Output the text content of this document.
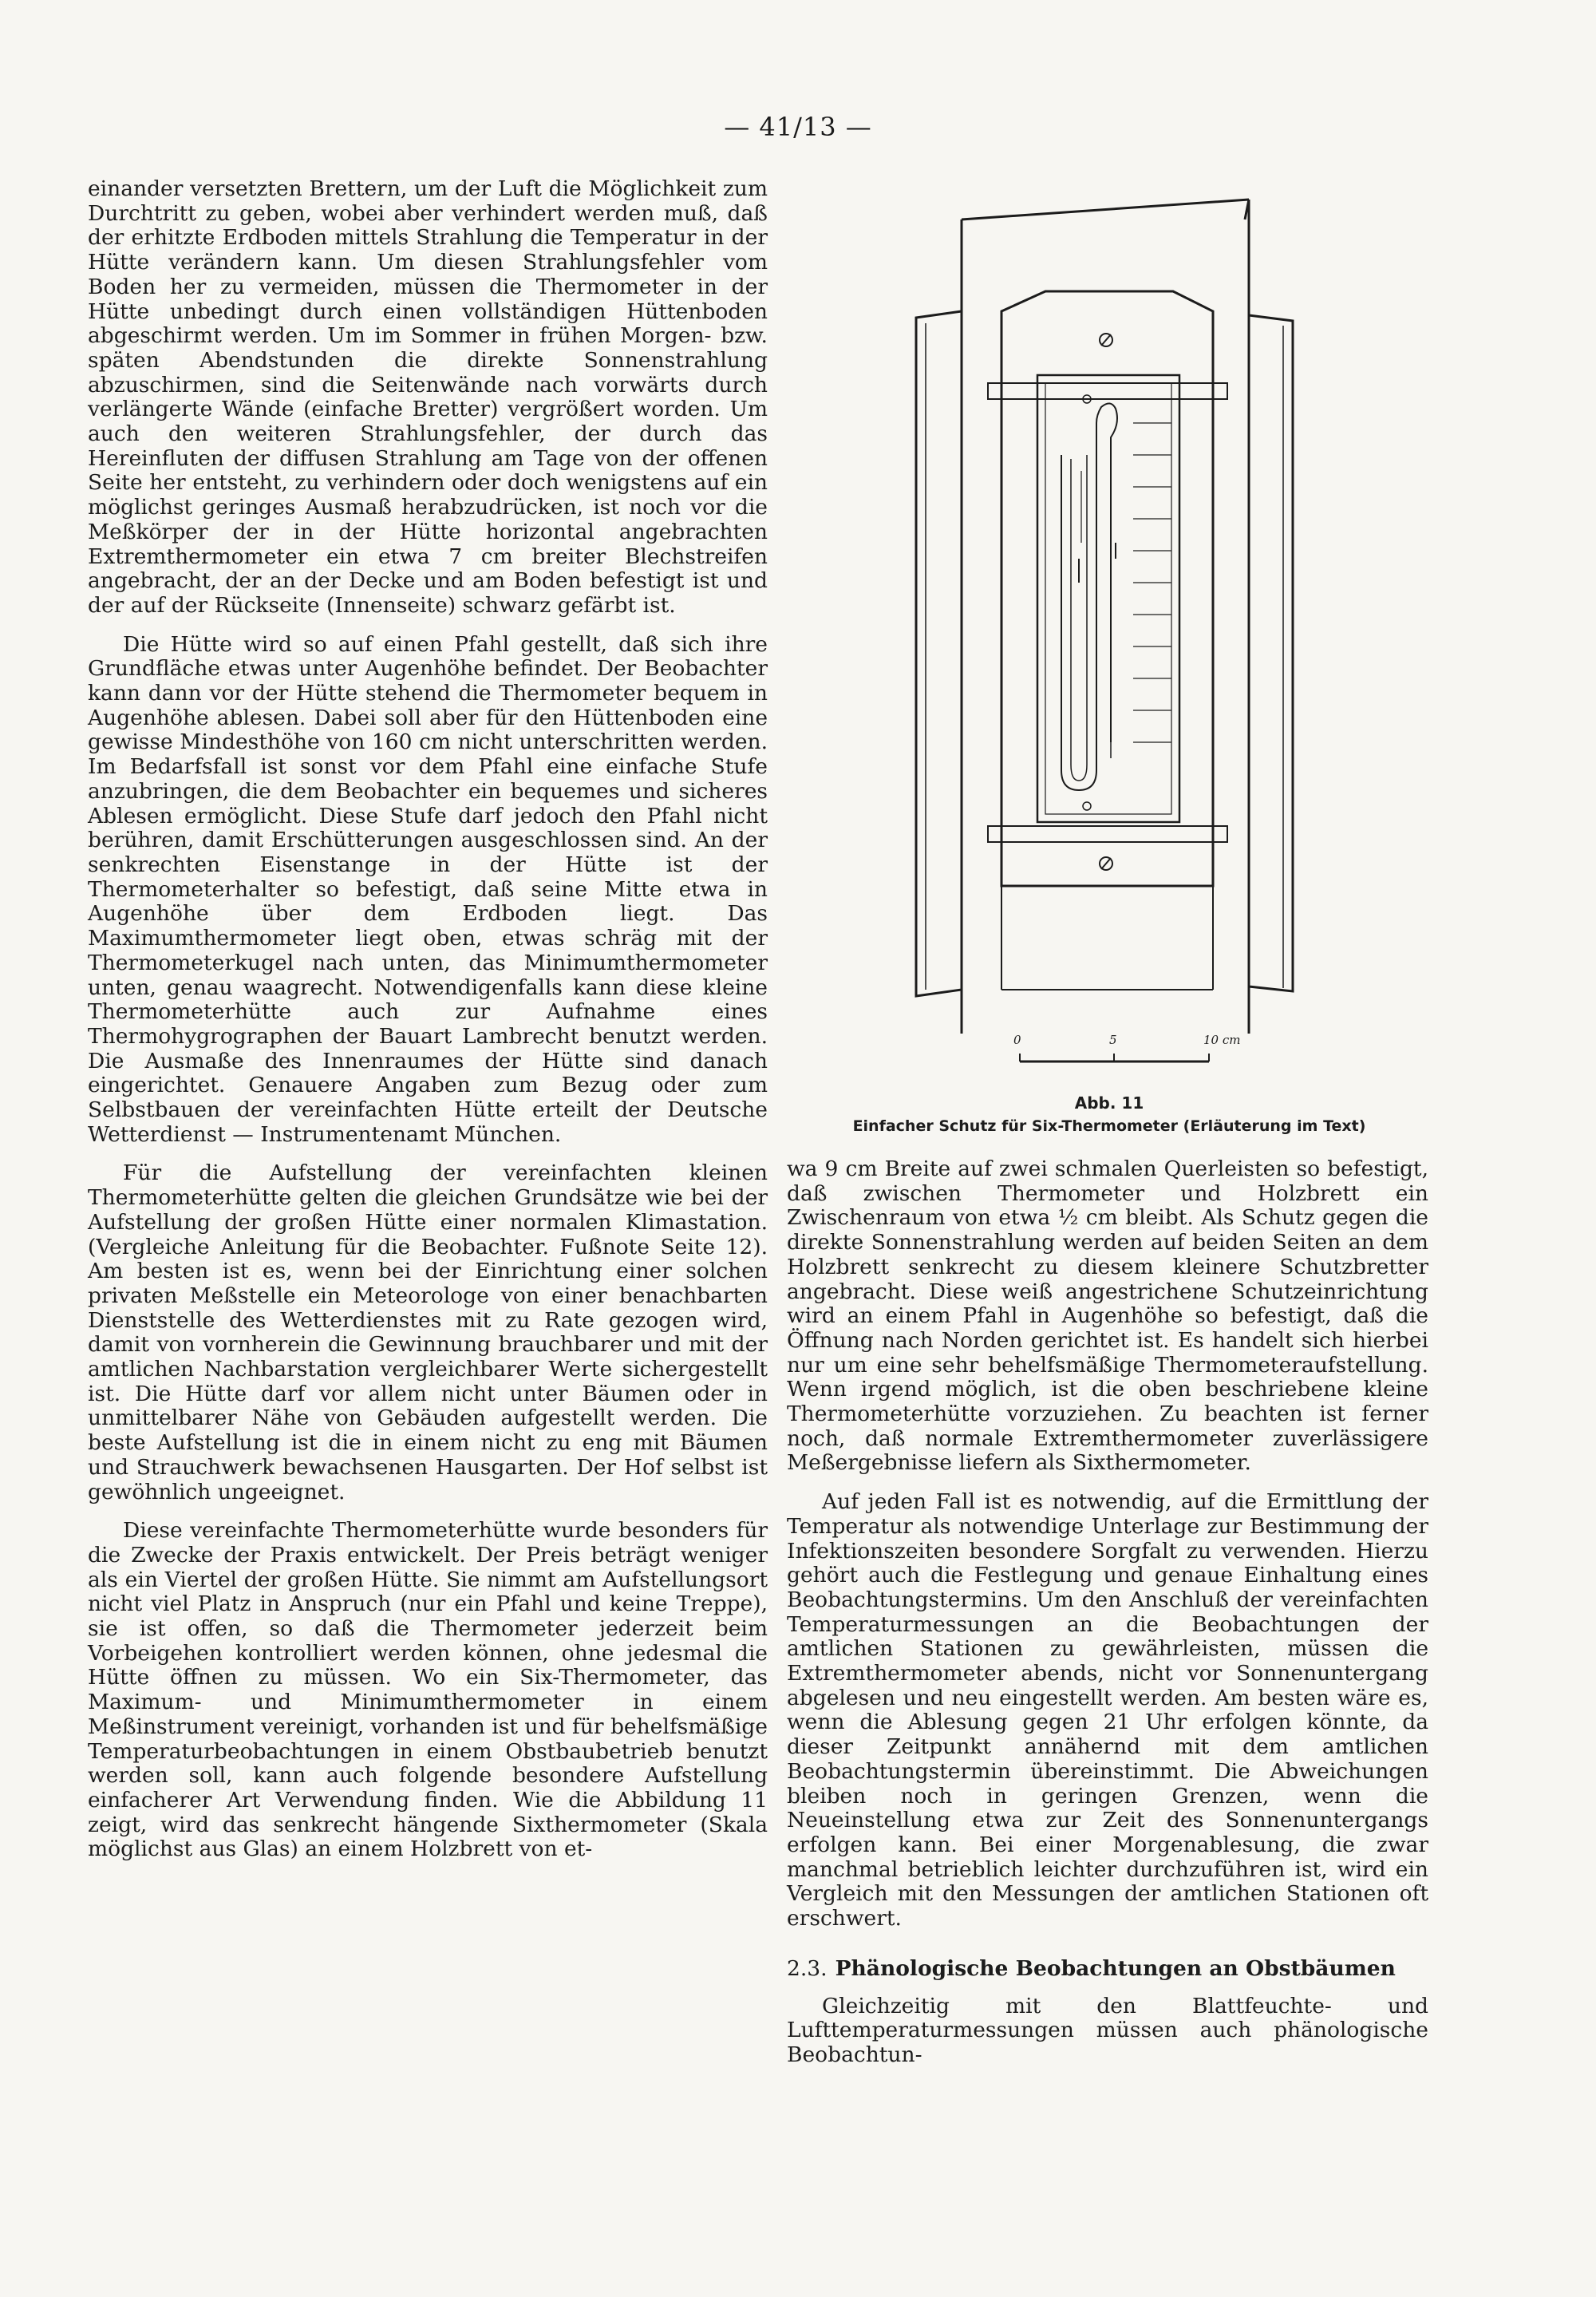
— 41/13 —

einander versetzten Brettern, um der Luft die Möglichkeit zum Durchtritt zu geben, wobei aber verhindert werden muß, daß der erhitzte Erdboden mittels Strahlung die Temperatur in der Hütte verändern kann. Um diesen Strahlungsfehler vom Boden her zu vermeiden, müssen die Thermometer in der Hütte unbedingt durch einen vollständigen Hüttenboden abgeschirmt werden. Um im Sommer in frühen Morgen- bzw. späten Abendstunden die direkte Sonnenstrahlung abzuschirmen, sind die Seitenwände nach vorwärts durch verlängerte Wände (einfache Bretter) vergrößert worden. Um auch den weiteren Strahlungsfehler, der durch das Hereinfluten der diffusen Strahlung am Tage von der offenen Seite her entsteht, zu verhindern oder doch wenigstens auf ein möglichst geringes Ausmaß herabzudrücken, ist noch vor die Meßkörper der in der Hütte horizontal angebrachten Extremthermometer ein etwa 7 cm breiter Blechstreifen angebracht, der an der Decke und am Boden befestigt ist und der auf der Rückseite (Innenseite) schwarz gefärbt ist.

Die Hütte wird so auf einen Pfahl gestellt, daß sich ihre Grundfläche etwas unter Augenhöhe befindet. Der Beobachter kann dann vor der Hütte stehend die Thermometer bequem in Augenhöhe ablesen. Dabei soll aber für den Hüttenboden eine gewisse Mindesthöhe von 160 cm nicht unterschritten werden. Im Bedarfsfall ist sonst vor dem Pfahl eine einfache Stufe anzubringen, die dem Beobachter ein bequemes und sicheres Ablesen ermöglicht. Diese Stufe darf jedoch den Pfahl nicht berühren, damit Erschütterungen ausgeschlossen sind. An der senkrechten Eisenstange in der Hütte ist der Thermometerhalter so befestigt, daß seine Mitte etwa in Augenhöhe über dem Erdboden liegt. Das Maximumthermometer liegt oben, etwas schräg mit der Thermometerkugel nach unten, das Minimumthermometer unten, genau waagrecht. Notwendigenfalls kann diese kleine Thermometerhütte auch zur Aufnahme eines Thermohygrographen der Bauart Lambrecht benutzt werden. Die Ausmaße des Innenraumes der Hütte sind danach eingerichtet. Genauere Angaben zum Bezug oder zum Selbstbauen der vereinfachten Hütte erteilt der Deutsche Wetterdienst — Instrumentenamt München.

Für die Aufstellung der vereinfachten kleinen Thermometerhütte gelten die gleichen Grundsätze wie bei der Aufstellung der großen Hütte einer normalen Klimastation. (Vergleiche Anleitung für die Beobachter. Fußnote Seite 12). Am besten ist es, wenn bei der Einrichtung einer solchen privaten Meßstelle ein Meteorologe von einer benachbarten Dienststelle des Wetterdienstes mit zu Rate gezogen wird, damit von vornherein die Gewinnung brauchbarer und mit der amtlichen Nachbarstation vergleichbarer Werte sichergestellt ist. Die Hütte darf vor allem nicht unter Bäumen oder in unmittelbarer Nähe von Gebäuden aufgestellt werden. Die beste Aufstellung ist die in einem nicht zu eng mit Bäumen und Strauchwerk bewachsenen Hausgarten. Der Hof selbst ist gewöhnlich ungeeignet.

Diese vereinfachte Thermometerhütte wurde besonders für die Zwecke der Praxis entwickelt. Der Preis beträgt weniger als ein Viertel der großen Hütte. Sie nimmt am Aufstellungsort nicht viel Platz in Anspruch (nur ein Pfahl und keine Treppe), sie ist offen, so daß die Thermometer jederzeit beim Vorbeigehen kontrolliert werden können, ohne jedesmal die Hütte öffnen zu müssen. Wo ein Six-Thermometer, das Maximum- und Minimumthermometer in einem Meßinstrument vereinigt, vorhanden ist und für behelfsmäßige Temperaturbeobachtungen in einem Obstbaubetrieb benutzt werden soll, kann auch folgende besondere Aufstellung einfacherer Art Verwendung finden. Wie die Abbildung 11 zeigt, wird das senkrecht hängende Sixthermometer (Skala möglichst aus Glas) an einem Holzbrett von et-

0	5	10 cm
Abb. 11
Einfacher Schutz für Six-Thermometer (Erläuterung im Text)

wa 9 cm Breite auf zwei schmalen Querleisten so befestigt, daß zwischen Thermometer und Holzbrett ein Zwischenraum von etwa ½ cm bleibt. Als Schutz gegen die direkte Sonnenstrahlung werden auf beiden Seiten an dem Holzbrett senkrecht zu diesem kleinere Schutzbretter angebracht. Diese weiß angestrichene Schutzeinrichtung wird an einem Pfahl in Augenhöhe so befestigt, daß die Öffnung nach Norden gerichtet ist. Es handelt sich hierbei nur um eine sehr behelfsmäßige Thermometeraufstellung. Wenn irgend möglich, ist die oben beschriebene kleine Thermometerhütte vorzuziehen. Zu beachten ist ferner noch, daß normale Extremthermometer zuverlässigere Meßergebnisse liefern als Sixthermometer.

Auf jeden Fall ist es notwendig, auf die Ermittlung der Temperatur als notwendige Unterlage zur Bestimmung der Infektionszeiten besondere Sorgfalt zu verwenden. Hierzu gehört auch die Festlegung und genaue Einhaltung eines Beobachtungstermins. Um den Anschluß der vereinfachten Temperaturmessungen an die Beobachtungen der amtlichen Stationen zu gewährleisten, müssen die Extremthermometer abends, nicht vor Sonnenuntergang abgelesen und neu eingestellt werden. Am besten wäre es, wenn die Ablesung gegen 21 Uhr erfolgen könnte, da dieser Zeitpunkt annähernd mit dem amtlichen Beobachtungstermin übereinstimmt. Die Abweichungen bleiben noch in geringen Grenzen, wenn die Neueinstellung etwa zur Zeit des Sonnenuntergangs erfolgen kann. Bei einer Morgenablesung, die zwar manchmal betrieblich leichter durchzuführen ist, wird ein Vergleich mit den Messungen der amtlichen Stationen oft erschwert.

2.3. Phänologische Beobachtungen an Obstbäumen

Gleichzeitig mit den Blattfeuchte- und Lufttemperaturmessungen müssen auch phänologische Beobachtun-
